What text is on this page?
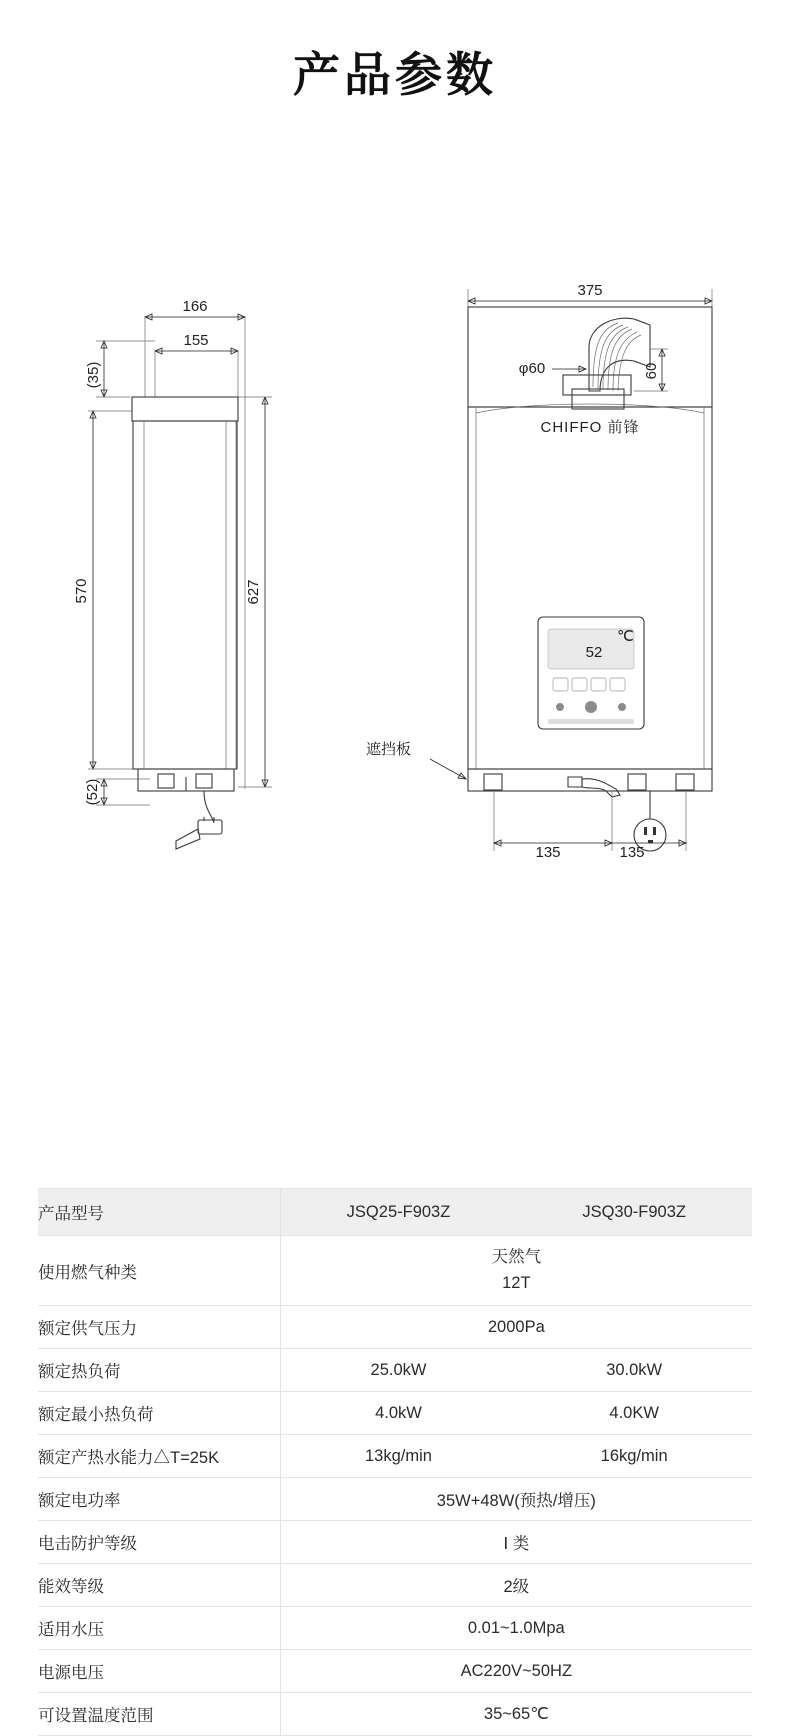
产品参数
166
155
(35)
570	627
(52)
375
φ60	60
CHIFFO 前锋
52
℃
遮挡板
135	135
产品型号	JSQ25-F903Z	JSQ30-F903Z
使用燃气种类	天然气
12T	

额定供气压力	2000Pa	
额定热负荷	25.0kW	30.0kW
额定最小热负荷	4.0kW	4.0KW
额定产热水能力△T=25K	13kg/min	16kg/min
额定电功率	35W+48W(预热/增压)	
电击防护等级	Ⅰ 类	
能效等级	2级	
适用水压	0.01~1.0Mpa	
电源电压	AC220V~50HZ	
可设置温度范围	35~65℃	
